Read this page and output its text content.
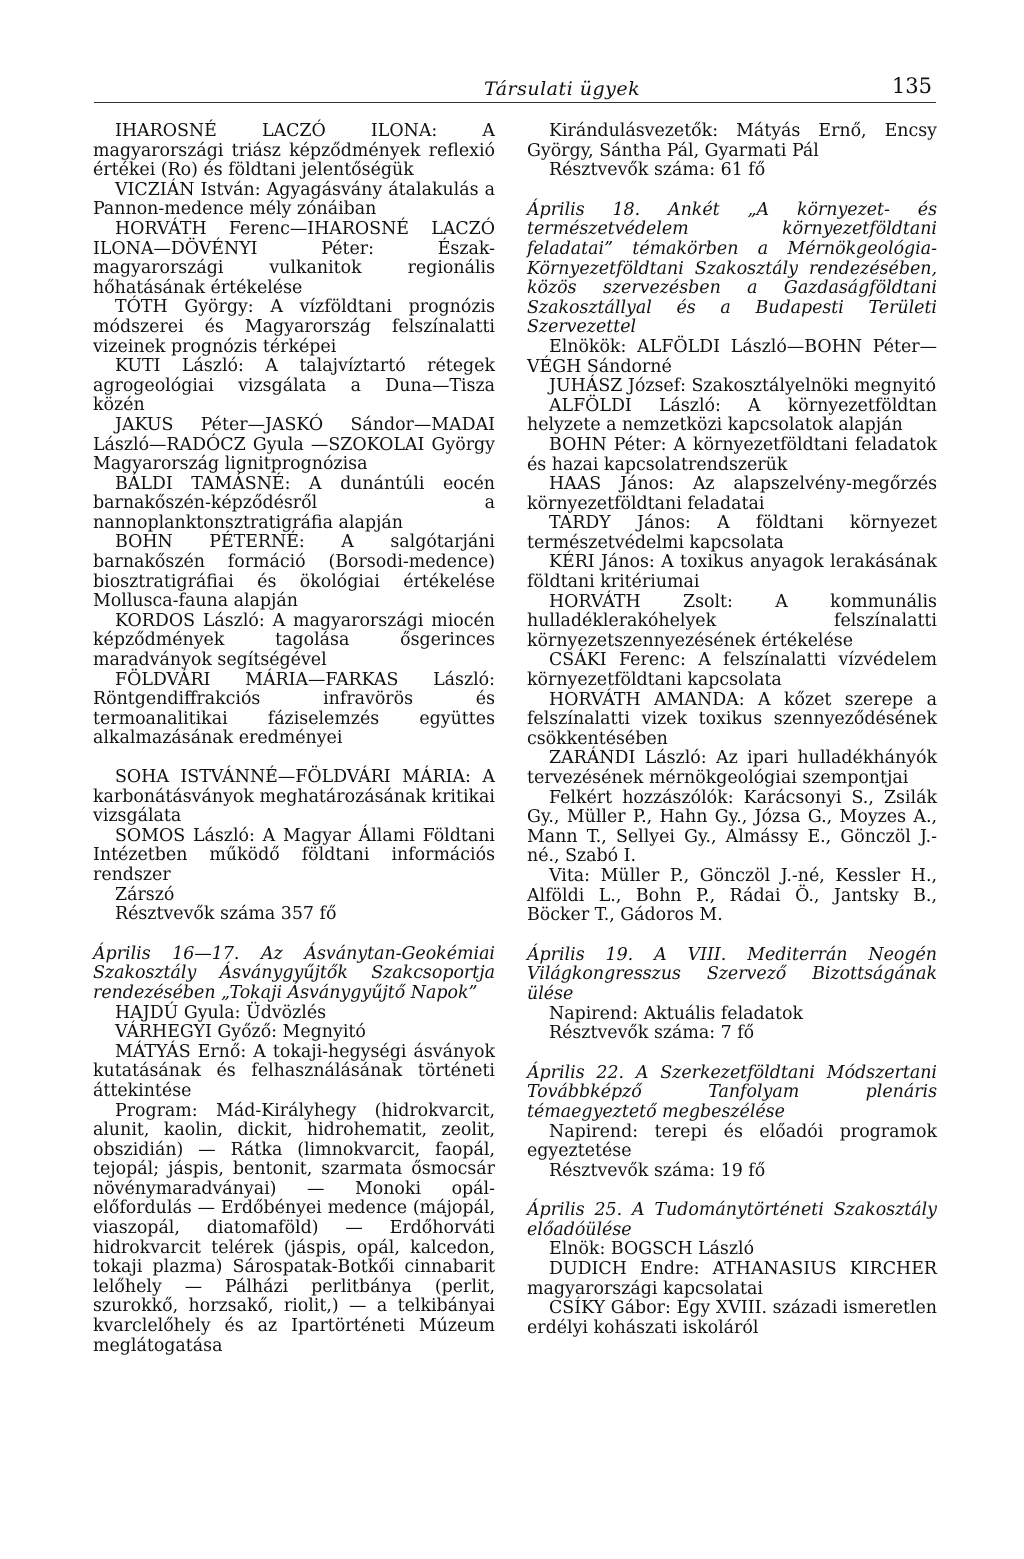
Társulati ügyek	135

IHAROSNÉ LACZÓ ILONA: A magyarországi triász képződmények reflexió értékei (Ro) és földtani jelentőségük

VICZIÁN István: Agyagásvány átalakulás a Pannon-medence mély zónáiban

HORVÁTH Ferenc—IHAROSNÉ LACZÓ ILONA—DÖVÉNYI Péter: Észak-magyarországi vulkanitok regionális hőhatásának értékelése

TÓTH György: A vízföldtani prognózis módszerei és Magyarország felszínalatti vizeinek prognózis térképei

KUTI László: A talajvíztartó rétegek agrogeológiai vizsgálata a Duna—Tisza közén

JAKUS Péter—JASKÓ Sándor—MADAI László—RADÓCZ Gyula —SZOKOLAI György Magyarország lignitprognózisa

BÁLDI TAMÁSNÉ: A dunántúli eocén barnakőszén-képződésről a nannoplanktonsztratigráfia alapján

BOHN PÉTERNÉ: A salgótarjáni barnakőszén formáció (Borsodi-medence) biosztratigráfiai és ökológiai értékelése Mollusca-fauna alapján

KORDOS László: A magyarországi miocén képződmények tagolása ősgerinces maradványok segítségével

FÖLDVÁRI MÁRIA—FARKAS László: Röntgendiffrakciós infravörös és termoanalitikai fáziselemzés együttes alkalmazásának eredményei

SOHA ISTVÁNNÉ—FÖLDVÁRI MÁRIA: A karbonátásványok meghatározásának kritikai vizsgálata

SOMOS László: A Magyar Állami Földtani Intézetben működő földtani információs rendszer

Zárszó

Résztvevők száma 357 fő

Április 16—17. Az Ásványtan-Geokémiai Szakosztály Ásványgyűjtők Szakcsoportja rendezésében „Tokaji Ásványgyűjtő Napok”

HAJDÚ Gyula: Üdvözlés

VÁRHEGYI Győző: Megnyitó

MÁTYÁS Ernő: A tokaji-hegységi ásványok kutatásának és felhasználásának történeti áttekintése

Program: Mád-Királyhegy (hidrokvarcit, alunit, kaolin, dickit, hidrohematit, zeolit, obszidián) — Rátka (limnokvarcit, faopál, tejopál; jáspis, bentonit, szarmata ősmocsár növénymaradványai) — Monoki opál-előfordulás — Erdőbényei medence (májopál, viaszopál, diatomaföld) — Erdőhorváti hidrokvarcit telérek (jáspis, opál, kalcedon, tokaji plazma) Sárospatak-Botkői cinnabarit lelőhely — Pálházi perlitbánya (perlit, szurokkő, horzsakő, riolit,) — a telkibányai kvarclelőhely és az Ipartörténeti Múzeum meglátogatása

Kirándulásvezetők: Mátyás Ernő, Encsy György, Sántha Pál, Gyarmati Pál

Résztvevők száma: 61 fő

Április 18. Ankét „A környezet- és természetvédelem környezetföldtani feladatai” témakörben a Mérnökgeológia-Környezetföldtani Szakosztály rendezésében, közös szervezésben a Gazdaságföldtani Szakosztállyal és a Budapesti Területi Szervezettel

Elnökök: ALFÖLDI László—BOHN Péter—VÉGH Sándorné

JUHÁSZ József: Szakosztályelnöki megnyitó

ALFÖLDI László: A környezetföldtan helyzete a nemzetközi kapcsolatok alapján

BOHN Péter: A környezetföldtani feladatok és hazai kapcsolatrendszerük

HAAS János: Az alapszelvény-megőrzés környezetföldtani feladatai

TARDY János: A földtani környezet természetvédelmi kapcsolata

KÉRI János: A toxikus anyagok lerakásának földtani kritériumai

HORVÁTH Zsolt: A kommunális hulladéklerakóhelyek felszínalatti környezetszennyezésének értékelése

CSÁKI Ferenc: A felszínalatti vízvédelem környezetföldtani kapcsolata

HORVÁTH AMANDA: A kőzet szerepe a felszínalatti vizek toxikus szennyeződésének csökkentésében

ZARÁNDI László: Az ipari hulladékhányók tervezésének mérnökgeológiai szempontjai

Felkért hozzászólók: Karácsonyi S., Zsilák Gy., Müller P., Hahn Gy., Józsa G., Moyzes A., Mann T., Sellyei Gy., Almássy E., Gönczöl J.-né., Szabó I.

Vita: Müller P., Gönczöl J.-né, Kessler H., Alföldi L., Bohn P., Rádai Ö., Jantsky B., Böcker T., Gádoros M.

Április 19. A VIII. Mediterrán Neogén Világkongresszus Szervező Bizottságának ülése

Napirend: Aktuális feladatok

Résztvevők száma: 7 fő

Április 22. A Szerkezetföldtani Módszertani Továbbképző Tanfolyam plenáris témaegyeztető megbeszélése

Napirend: terepi és előadói programok egyeztetése

Résztvevők száma: 19 fő

Április 25. A Tudománytörténeti Szakosztály előadóülése

Elnök: BOGSCH László

DUDICH Endre: ATHANASIUS KIRCHER magyarországi kapcsolatai

CSÍKY Gábor: Egy XVIII. századi ismeretlen erdélyi kohászati iskoláról
